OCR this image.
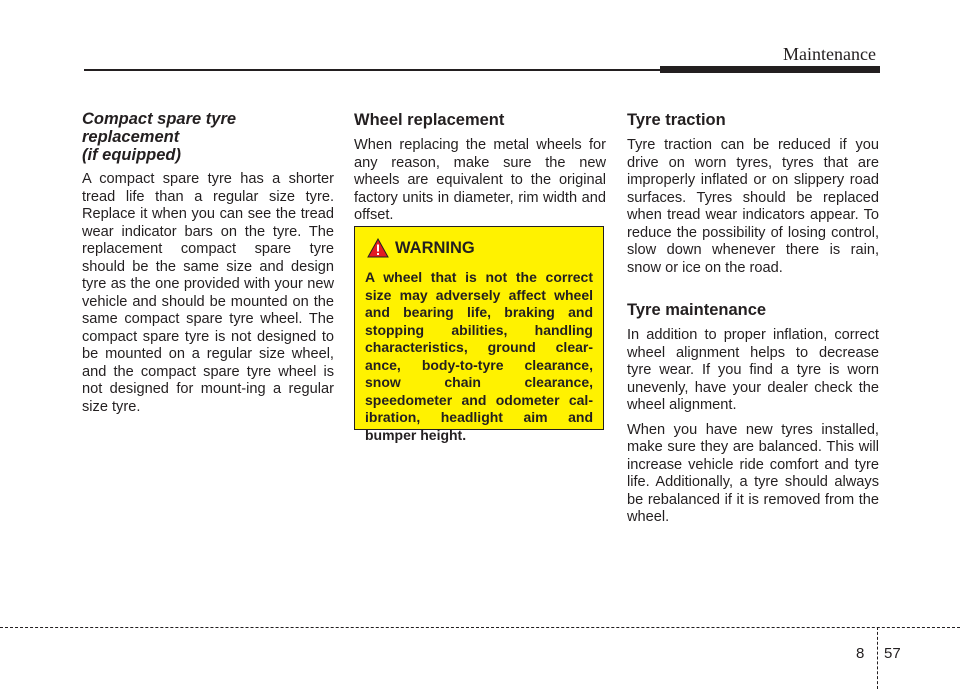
Maintenance
Compact spare tyre replacement
(if equipped)

A compact spare tyre has a shorter tread life than a regular size tyre. Replace it when you can see the tread wear indicator bars on the tyre. The replacement compact spare tyre should be the same size and design tyre as the one provided with your new vehicle and should be mounted on the same compact spare tyre wheel. The compact spare tyre is not designed to be mounted on a regular size wheel, and the compact spare tyre wheel is not designed for mount-ing a regular size tyre.

Wheel replacement

When replacing the metal wheels for any reason, make sure the new wheels are equivalent to the original factory units in diameter, rim width and offset.

WARNING

A wheel that is not the correct size may adversely affect wheel and bearing life, braking and stopping abilities, handling characteristics, ground clear-ance, body-to-tyre clearance, snow chain clearance, speedometer and odometer cal-ibration, headlight aim and bumper height.

Tyre traction

Tyre traction can be reduced if you drive on worn tyres, tyres that are improperly inflated or on slippery road surfaces. Tyres should be replaced when tread wear indicators appear. To reduce the possibility of losing control, slow down whenever there is rain, snow or ice on the road.

Tyre maintenance

In addition to proper inflation, correct wheel alignment helps to decrease tyre wear. If you find a tyre is worn unevenly, have your dealer check the wheel alignment.

When you have new tyres installed, make sure they are balanced. This will increase vehicle ride comfort and tyre life. Additionally, a tyre should always be rebalanced if it is removed from the wheel.

8 57
